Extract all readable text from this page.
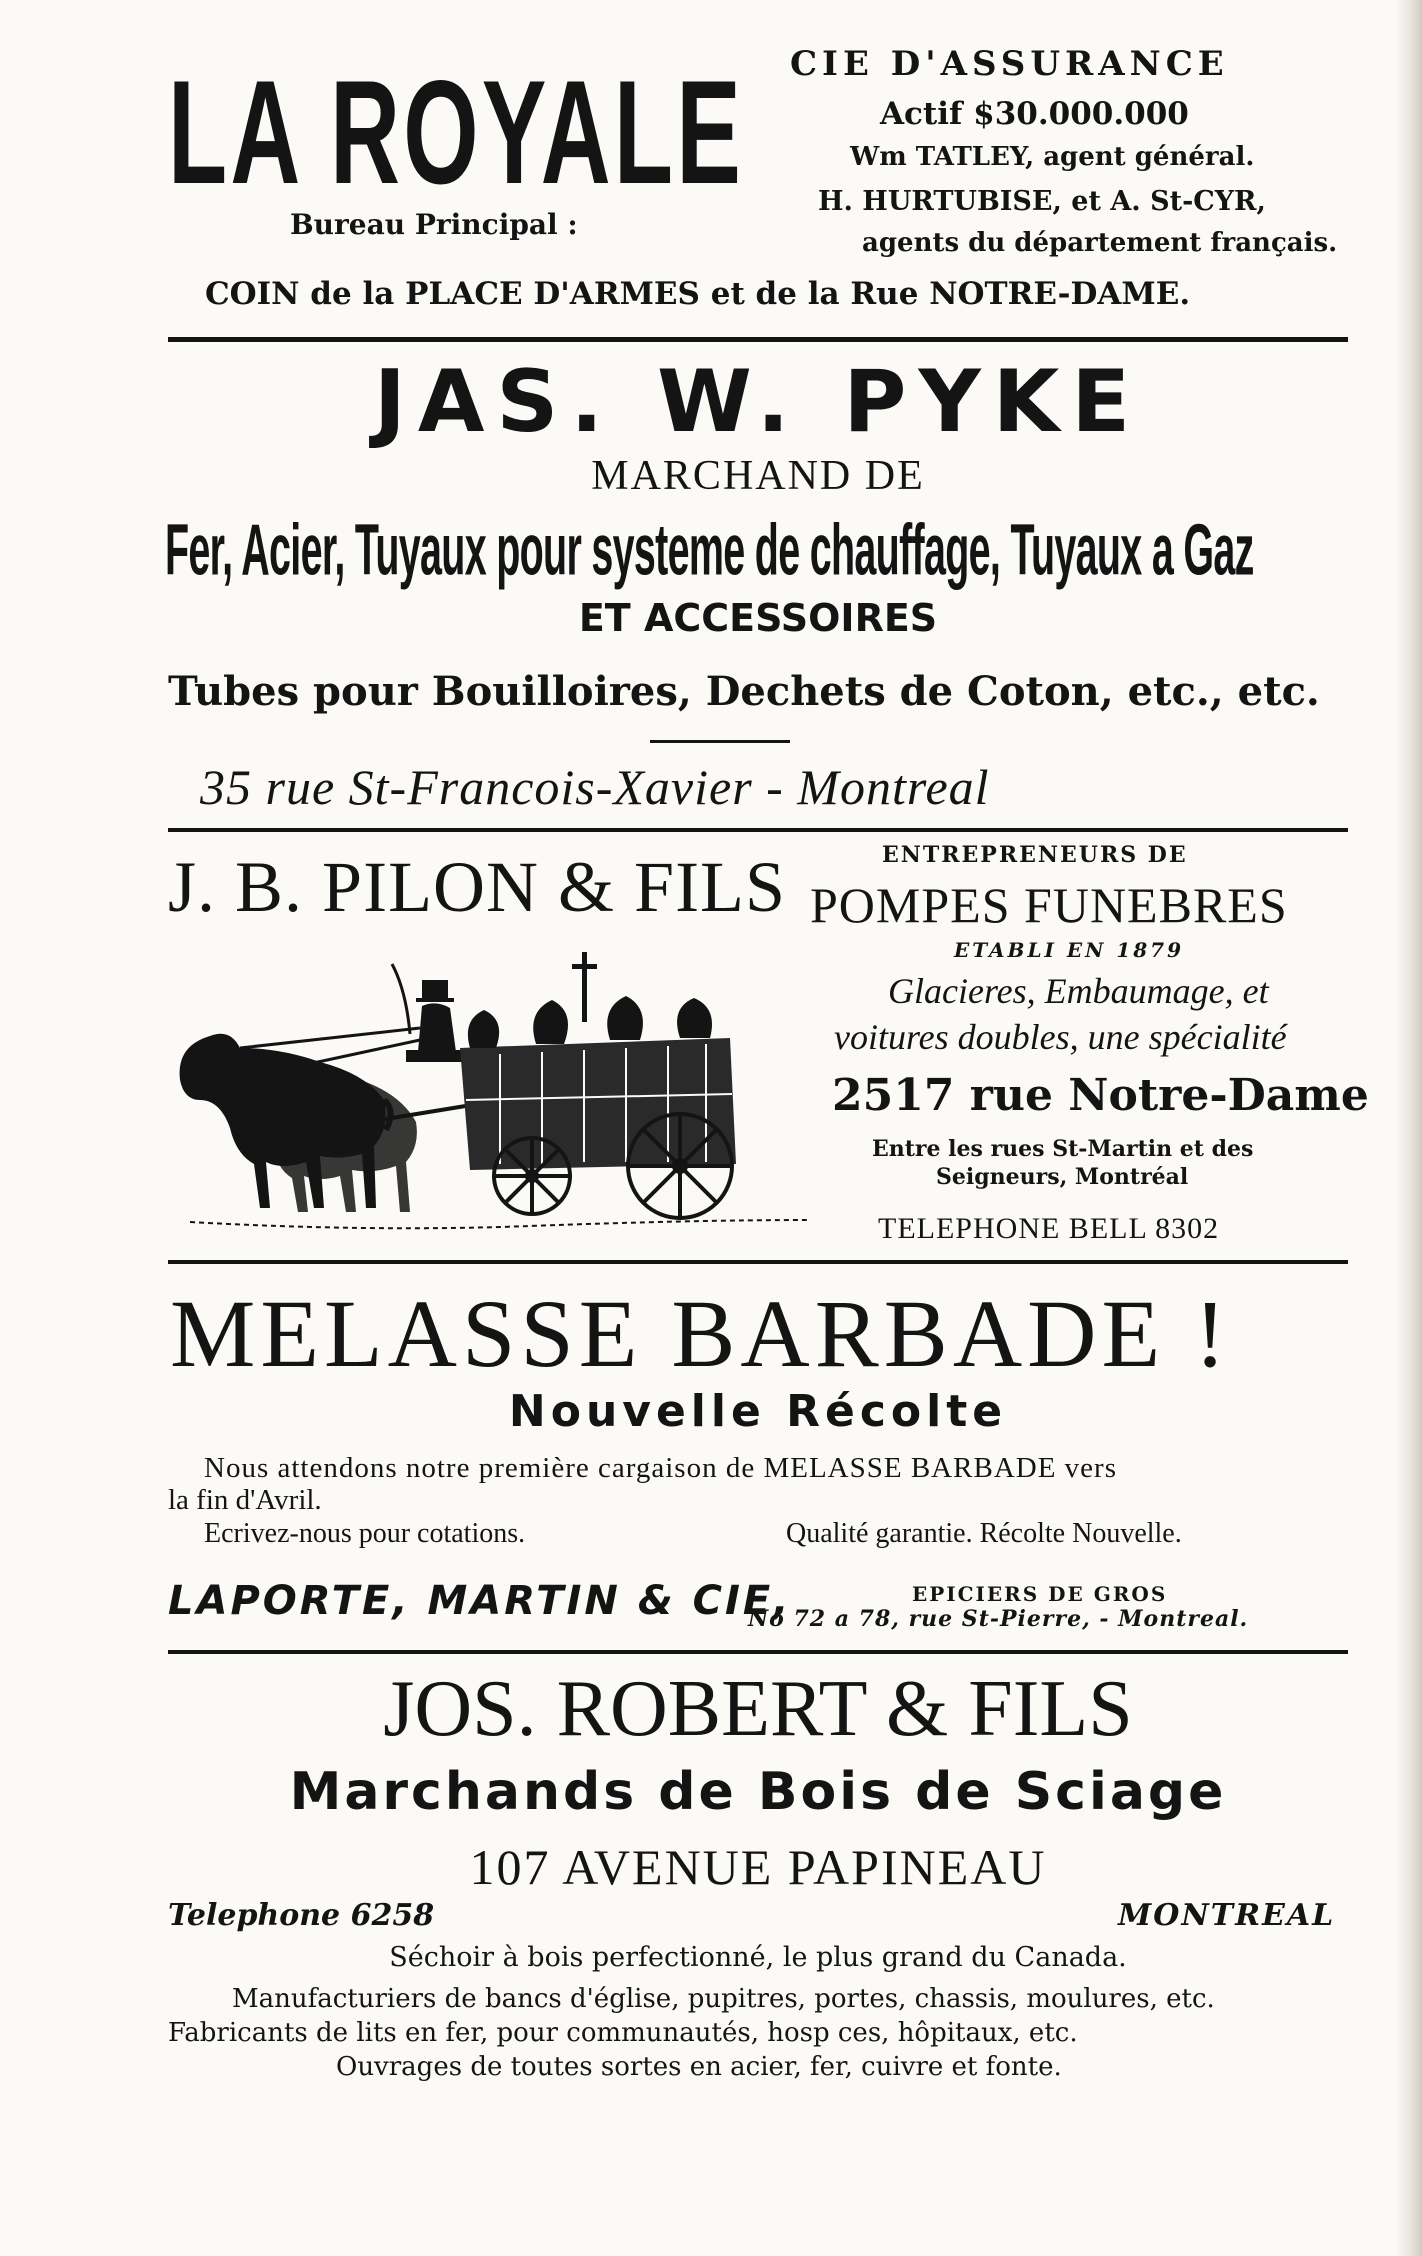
LA ROYALE
Bureau Principal :
CIE D'ASSURANCE
Actif $30.000.000
Wm TATLEY, agent général.
H. HURTUBISE, et A. St-CYR,
agents du département français.
COIN de la PLACE D'ARMES et de la Rue NOTRE-DAME.
JAS. W. PYKE
MARCHAND DE
Fer, Acier, Tuyaux pour systeme de chauffage, Tuyaux a Gaz
ET ACCESSOIRES
Tubes pour Bouilloires, Dechets de Coton, etc., etc.
35 rue St-Francois-Xavier - Montreal
J. B. PILON & FILS	ENTREPRENEURS DE
POMPES FUNEBRES
ETABLI EN 1879
Glacieres, Embaumage, et
voitures doubles, une spécialité
2517 rue Notre-Dame
Entre les rues St-Martin et des
Seigneurs, Montréal
TELEPHONE BELL 8302
MELASSE BARBADE !
Nouvelle Récolte
Nous attendons notre première cargaison de MELASSE BARBADE vers
la fin d'Avril.
Ecrivez-nous pour cotations.	Qualité garantie. Récolte Nouvelle.
LAPORTE, MARTIN & CIE,	EPICIERS DE GROS
No 72 a 78, rue St-Pierre, - Montreal.
JOS. ROBERT & FILS
Marchands de Bois de Sciage
107 AVENUE PAPINEAU
Telephone 6258	MONTREAL
Séchoir à bois perfectionné, le plus grand du Canada.
Manufacturiers de bancs d'église, pupitres, portes, chassis, moulures, etc.
Fabricants de lits en fer, pour communautés, hosp ces, hôpitaux, etc.
Ouvrages de toutes sortes en acier, fer, cuivre et fonte.
